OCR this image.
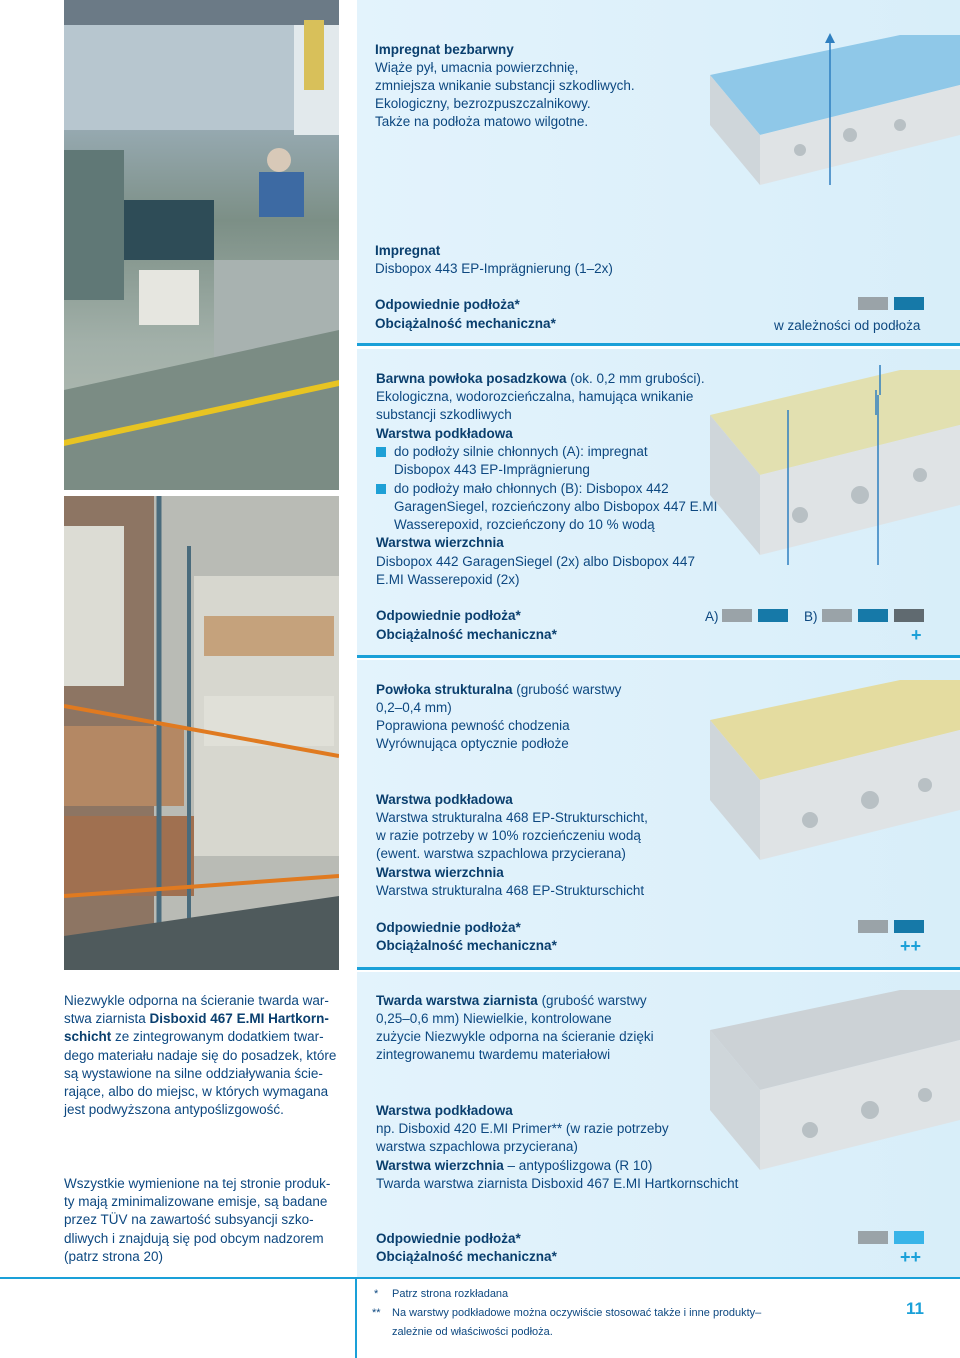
Impregnat bezbarwny

Wiąże pył, umacnia powierzchnię,

zmniejsza wnikanie substancji szkodliwych.

Ekologiczny, bezrozpuszczalnikowy.

Także na podłoża matowo wilgotne.

Impregnat

Disbopox 443 EP-Imprägnierung (1–2x)

Odpowiednie podłoża*

Obciążalność mechaniczna*	w zależności od podłoża

Barwna powłoka posadzkowa (ok. 0,2 mm grubości).

Ekologiczna, wodorozcieńczalna, hamująca wnikanie

substancji szkodliwych

Warstwa podkładowa

do podłoży silnie chłonnych (A): impregnat

Disbopox 443 EP-Imprägnierung

do podłoży mało chłonnych (B): Disbopox 442

GaragenSiegel, rozcieńczony albo Disbopox 447 E.MI

Wasserepoxid, rozcieńczony do 10 % wodą

Warstwa wierzchnia

Disbopox 442 GaragenSiegel (2x) albo Disbopox 447

E.MI Wasserepoxid (2x)

Odpowiednie podłoża*

Obciążalność mechaniczna*

A)	B)

+

Powłoka strukturalna (grubość warstwy

0,2–0,4 mm)

Poprawiona pewność chodzenia

Wyrównująca optycznie podłoże

Warstwa podkładowa

Warstwa strukturalna 468 EP-Strukturschicht,

w razie potrzeby w 10% rozcieńczeniu wodą

(ewent. warstwa szpachlowa przycierana)

Warstwa wierzchnia

Warstwa strukturalna 468 EP-Strukturschicht

Odpowiednie podłoża*

Obciążalność mechaniczna*	++

Twarda warstwa ziarnista (grubość warstwy

0,25–0,6 mm) Niewielkie, kontrolowane

zużycie Niezwykle odporna na ścieranie dzięki

zintegrowanemu twardemu materiałowi

Warstwa podkładowa

np. Disboxid 420 E.MI Primer** (w razie potrzeby

warstwa szpachlowa przycierana)

Warstwa wierzchnia – antypoślizgowa (R 10)

Twarda warstwa ziarnista Disboxid 467 E.MI Hartkornschicht

Odpowiednie podłoża*

Obciążalność mechaniczna*	++
Niezwykle odporna na ścieranie twarda war-
stwa ziarnista Disboxid 467 E.MI Hartkorn-
schicht ze zintegrowanym dodatkiem twar-
dego materiału nadaje się do posadzek, które
są wystawione na silne oddziaływania ście-
rające, albo do miejsc, w których wymagana
jest podwyższona antypoślizgowość.
Wszystkie wymienione na tej stronie produk-
ty mają zminimalizowane emisje, są badane
przez TÜV na zawartość subsyancji szko-
dliwych i znajdują się pod obcym nadzorem
(patrz strona 20)
* Patrz strona rozkładana
** Na warstwy podkładowe można oczywiście stosować także i inne produkty–
zależnie od właściwości podłoża.
11
